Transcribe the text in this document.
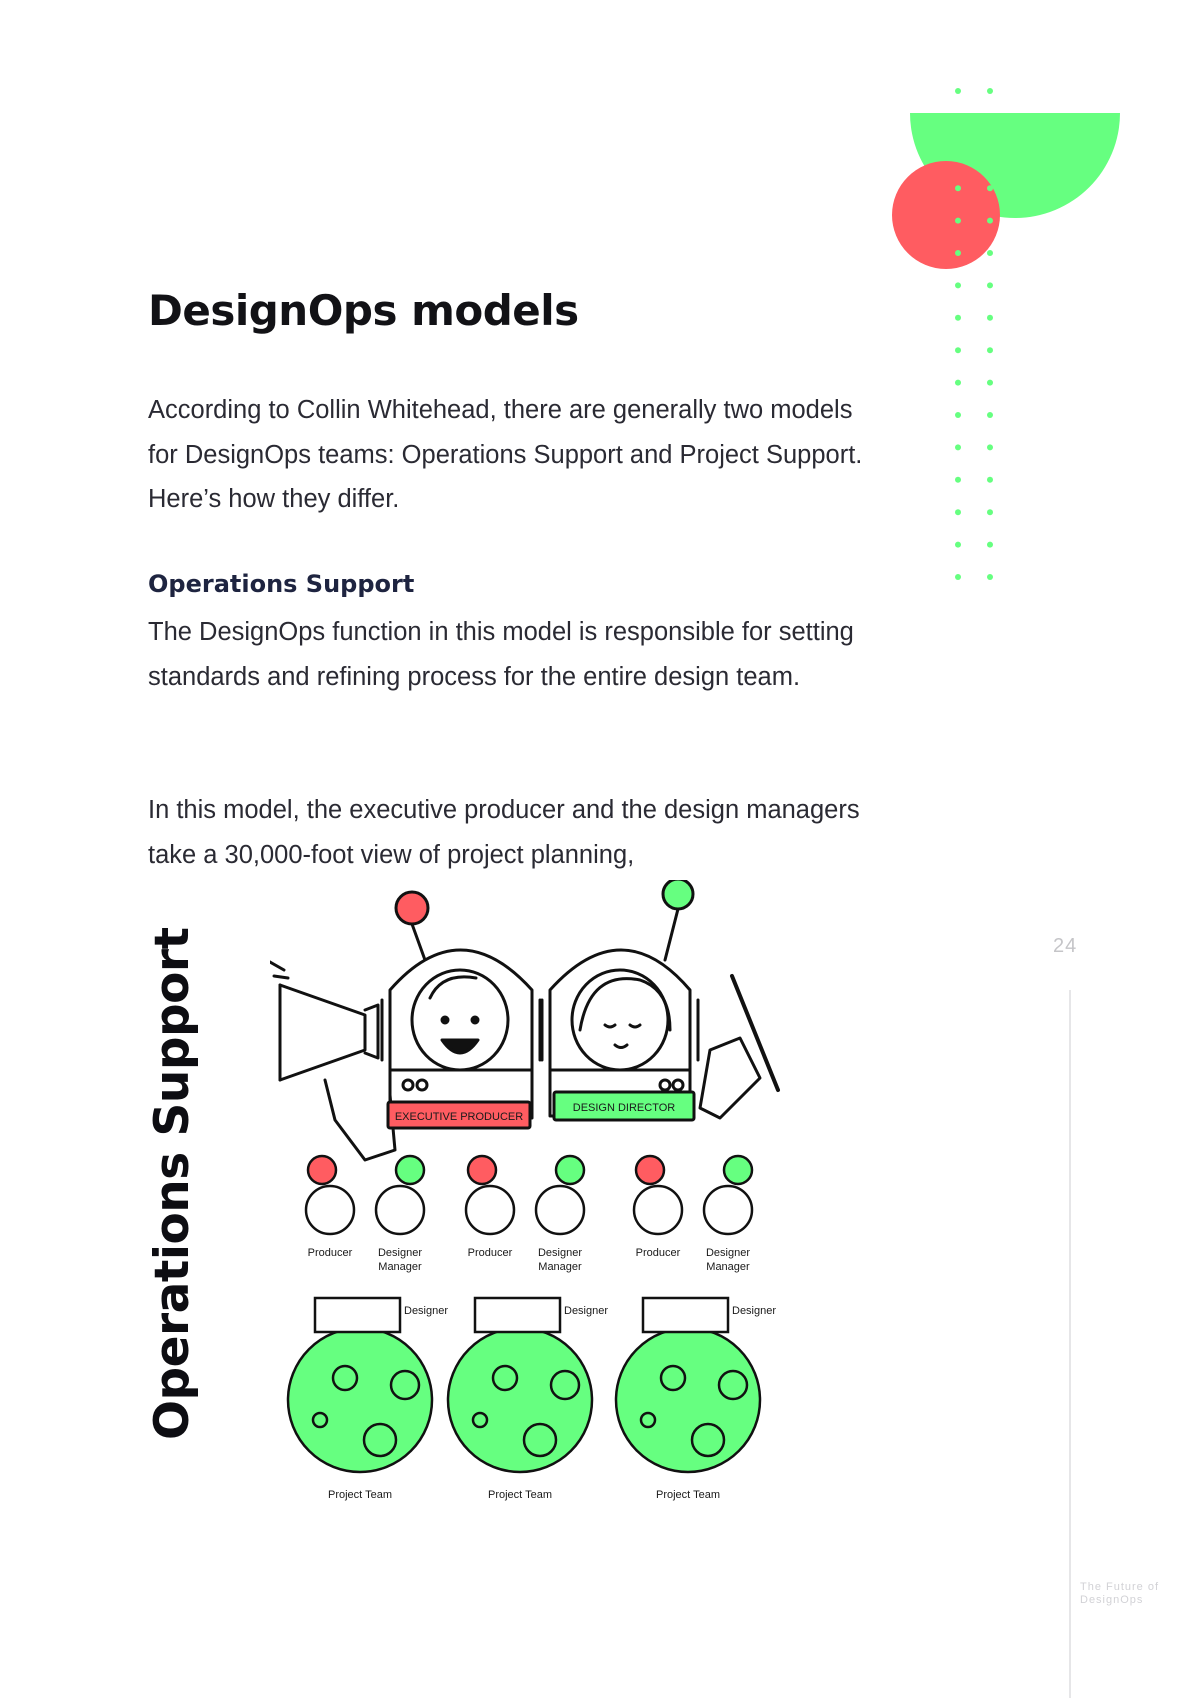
DesignOps models

According to Collin Whitehead, there are generally two models for DesignOps teams: Operations Support and Project Support. Here’s how they differ.

Operations Support

The DesignOps function in this model is responsible for setting standards and refining process for the entire design team.

In this model, the executive producer and the design managers take a 30,000-foot view of project planning,

Operations Support	24
The Future of DesignOps
EXECUTIVE PRODUCER
DESIGN DIRECTOR
Producer Designer
Manager
Designer
Project Team
Producer Designer
Manager
Designer
Project Team
Producer Designer
Manager
Designer
Project Team
